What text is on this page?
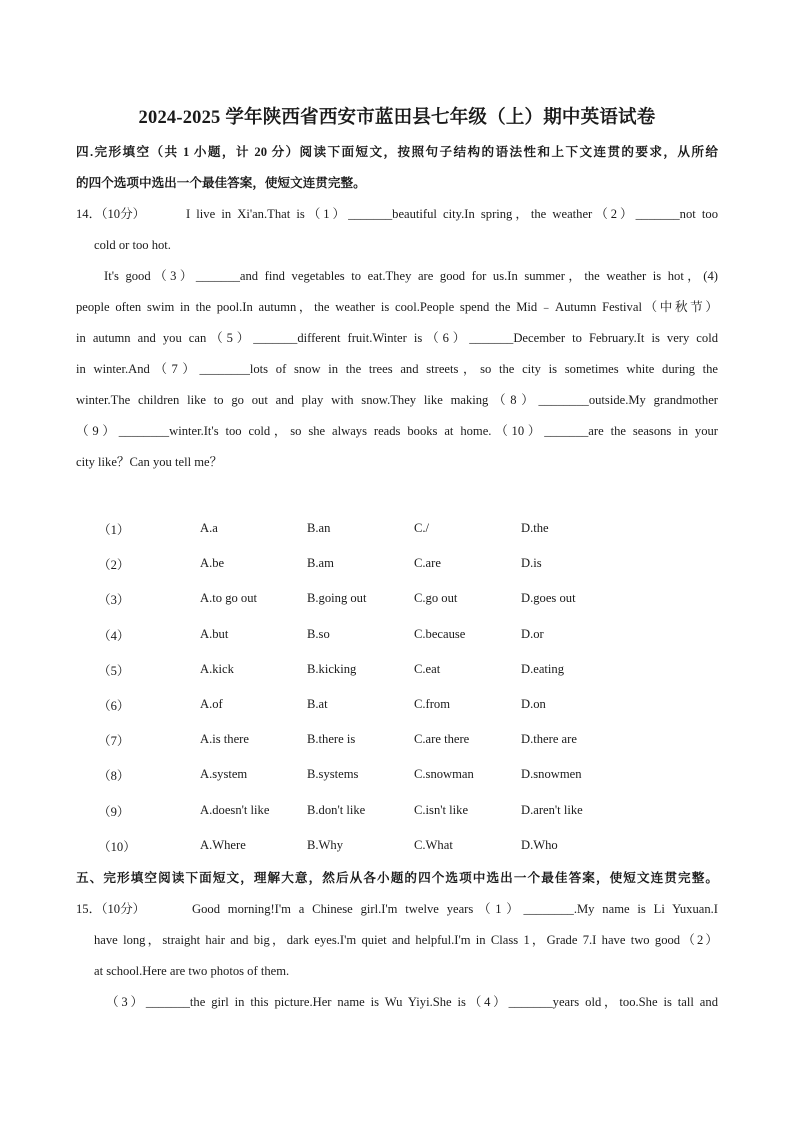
2024-2025 学年陕西省西安市蓝田县七年级（上）期中英语试卷
四.完形填空（共 1 小题，计 20 分）阅读下面短文，按照句子结构的语法性和上下文连贯的要求，从所给
的四个选项中选出一个最佳答案，使短文连贯完整。
14．（10分）	I live in Xi'an.That is（1）_______beautiful city.In spring，the weather（2）_______not too
cold or too hot.
It's good（3）_______and find vegetables to eat.They are good for us.In summer，the weather is hot，(4)
people often swim in the pool.In autumn，the weather is cool.People spend the Mid﹣Autumn Festival（中秋节）
in autumn and you can（5）_______different fruit.Winter is（6）_______December to February.It is very cold
in winter.And（7）________lots of snow in the trees and streets，so the city is sometimes white during the
winter.The children like to go out and play with snow.They like making（8）________outside.My grandmother
（9）________winter.It's too cold，so she always reads books at home.（10）_______are the seasons in your
city like？Can you tell me？
（1）	A.a	B.an	C./	D.the
（2）	A.be	B.am	C.are	D.is
（3）	A.to go out	B.going out	C.go out	D.goes out
（4）	A.but	B.so	C.because	D.or
（5）	A.kick	B.kicking	C.eat	D.eating
（6）	A.of	B.at	C.from	D.on
（7）	A.is there	B.there is	C.are there	D.there are
（8）	A.system	B.systems	C.snowman	D.snowmen
（9）	A.doesn't like	B.don't like	C.isn't like	D.aren't like
（10）	A.Where	B.Why	C.What	D.Who
五、完形填空阅读下面短文，理解大意，然后从各小题的四个选项中选出一个最佳答案，使短文连贯完整。
15．（10分）	Good morning!I'm a Chinese girl.I'm twelve years（1）________.My name is Li Yuxuan.I
have long，straight hair and big，dark eyes.I'm quiet and helpful.I'm in Class 1，Grade 7.I have two good（2）
at school.Here are two photos of them.
（3）_______the girl in this picture.Her name is Wu Yiyi.She is（4）_______years old，too.She is tall and
